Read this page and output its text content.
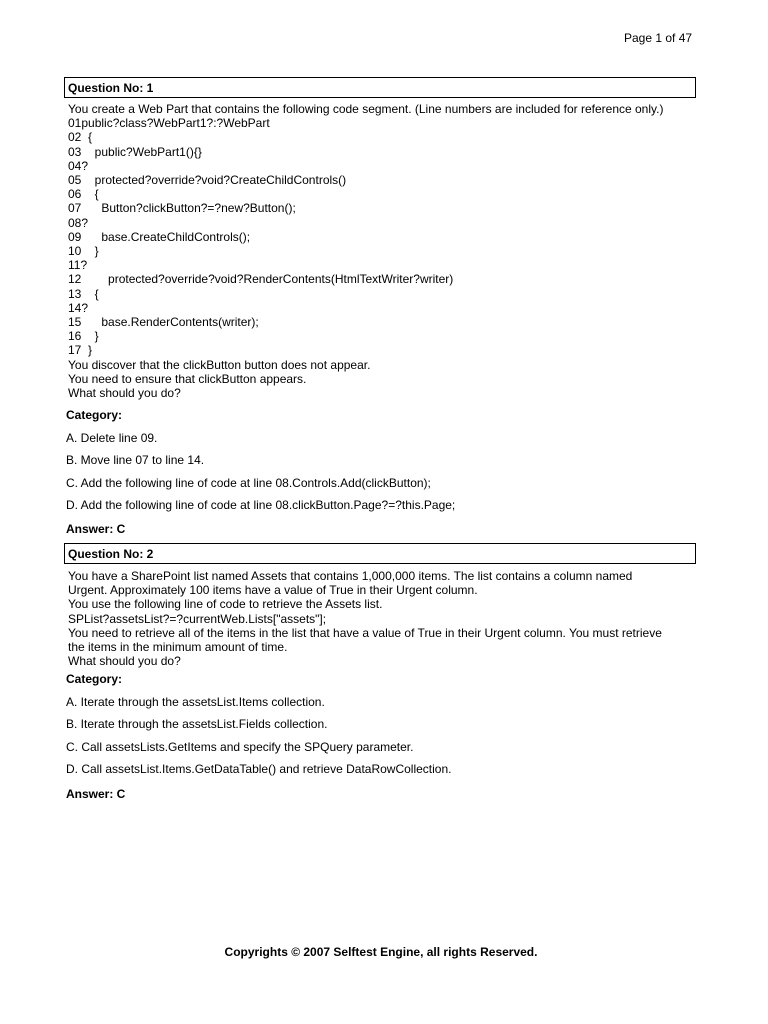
Page 1 of 47
Question No: 1
You create a Web Part that contains the following code segment. (Line numbers are included for reference only.)
01public?class?WebPart1?:?WebPart
02  {
03    public?WebPart1(){}
04?
05    protected?override?void?CreateChildControls()
06    {
07      Button?clickButton?=?new?Button();
08?
09      base.CreateChildControls();
10    }
11?
12        protected?override?void?RenderContents(HtmlTextWriter?writer)
13    {
14?
15      base.RenderContents(writer);
16    }
17  }
You discover that the clickButton button does not appear.
You need to ensure that clickButton appears.
What should you do?
Category:
A. Delete line 09.
B. Move line 07 to line 14.
C. Add the following line of code at line 08.Controls.Add(clickButton);
D. Add the following line of code at line 08.clickButton.Page?=?this.Page;
Answer: C
Question No: 2
You have a SharePoint list named Assets that contains 1,000,000 items. The list contains a column named
Urgent. Approximately 100 items have a value of True in their Urgent column.
You use the following line of code to retrieve the Assets list.
SPList?assetsList?=?currentWeb.Lists["assets"];
You need to retrieve all of the items in the list that have a value of True in their Urgent column. You must retrieve
the items in the minimum amount of time.
What should you do?
Category:
A. Iterate through the assetsList.Items collection.
B. Iterate through the assetsList.Fields collection.
C. Call assetsLists.GetItems and specify the SPQuery parameter.
D. Call assetsList.Items.GetDataTable() and retrieve DataRowCollection.
Answer: C
Copyrights © 2007 Selftest Engine, all rights Reserved.
